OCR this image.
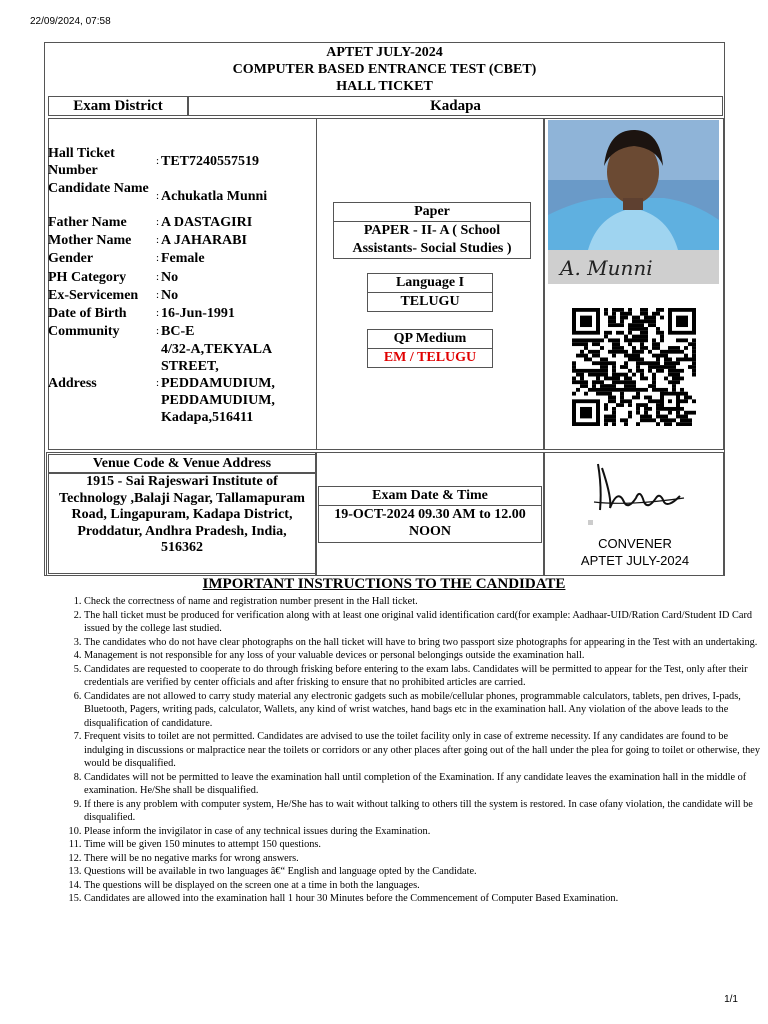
22/09/2024, 07:58
APTET JULY-2024
COMPUTER BASED ENTRANCE TEST (CBET)
HALL TICKET
Exam District	Kadapa
Hall Ticket Number
: TET7240557519
Candidate Name : Achukatla Munni
Father Name	: A DASTAGIRI
Mother Name	: A JAHARABI
Gender	: Female
PH Category	: No
Ex-Servicemen	: No
Date of Birth	: 16-Jun-1991
Community	: BC-E
Address	:
4/32-A,TEKYALA STREET, PEDDAMUDIUM, PEDDAMUDIUM, Kadapa,516411
Paper
PAPER - II- A ( School Assistants- Social Studies )
Language I
TELUGU
QP Medium
EM / TELUGU
A. Munni
Venue Code & Venue Address
1915 - Sai Rajeswari Institute of Technology ,Balaji Nagar, Tallamapuram Road, Lingapuram, Kadapa District, Proddatur, Andhra Pradesh, India, 516362
Exam Date & Time
19-OCT-2024 09.30 AM to 12.00 NOON
CONVENER
APTET JULY-2024
IMPORTANT INSTRUCTIONS TO THE CANDIDATE
1. Check the correctness of name and registration number present in the Hall ticket.
2. The hall ticket must be produced for verification along with at least one original valid identification card(for example: Aadhaar-UID/Ration Card/Student ID Card issued by the college last studied.
3. The candidates who do not have clear photographs on the hall ticket will have to bring two passport size photographs for appearing in the Test with an undertaking.
4. Management is not responsible for any loss of your valuable devices or personal belongings outside the examination hall.
5. Candidates are requested to cooperate to do through frisking before entering to the exam labs. Candidates will be permitted to appear for the Test, only after their credentials are verified by center officials and after frisking to ensure that no prohibited articles are carried.
6. Candidates are not allowed to carry study material any electronic gadgets such as mobile/cellular phones, programmable calculators, tablets, pen drives, I-pads, Bluetooth, Pagers, writing pads, calculator, Wallets, any kind of wrist watches, hand bags etc in the examination hall. Any violation of the above leads to the disqualification of candidature.
7. Frequent visits to toilet are not permitted. Candidates are advised to use the toilet facility only in case of extreme necessity. If any candidates are found to be indulging in discussions or malpractice near the toilets or corridors or any other places after going out of the hall under the plea for going to toilet or otherwise, they would be disqualified.
8. Candidates will not be permitted to leave the examination hall until completion of the Examination. If any candidate leaves the examination hall in the middle of examination. He/She shall be disqualified.
9. If there is any problem with computer system, He/She has to wait without talking to others till the system is restored. In case ofany violation, the candidate will be disqualified.
10. Please inform the invigilator in case of any technical issues during the Examination.
11. Time will be given 150 minutes to attempt 150 questions.
12. There will be no negative marks for wrong answers.
13. Questions will be available in two languages â€“ English and language opted by the Candidate.
14. The questions will be displayed on the screen one at a time in both the languages.
15. Candidates are allowed into the examination hall 1 hour 30 Minutes before the Commencement of Computer Based Examination.
1/1
